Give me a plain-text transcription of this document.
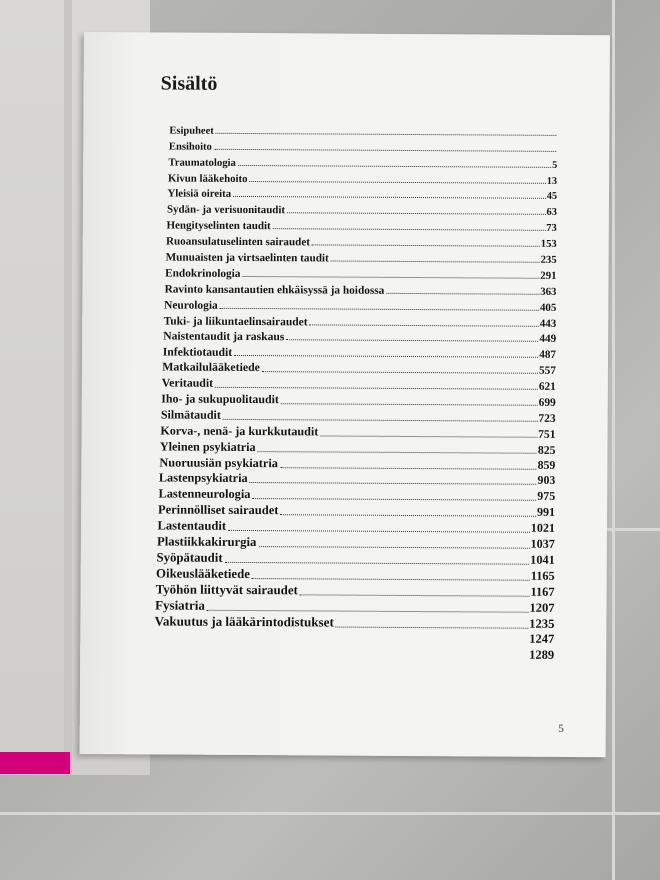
Sisältö
Esipuheet
Ensihoito
Traumatologia	5
Kivun lääkehoito	13
Yleisiä oireita	45
Sydän- ja verisuonitaudit	63
Hengityselinten taudit	73
Ruoansulatuselinten sairaudet	153
Munuaisten ja virtsaelinten taudit	235
Endokrinologia	291
Ravinto kansantautien ehkäisyssä ja hoidossa	363
Neurologia	405
Tuki- ja liikuntaelinsairaudet	443
Naistentaudit ja raskaus	449
Infektiotaudit	487
Matkailulääketiede	557
Veritaudit	621
Iho- ja sukupuolitaudit	699
Silmätaudit	723
Korva-, nenä- ja kurkkutaudit	751
Yleinen psykiatria	825
Nuoruusiän psykiatria	859
Lastenpsykiatria	903
Lastenneurologia	975
Perinnölliset sairaudet	991
Lastentaudit	1021
Plastiikkakirurgia	1037
Syöpätaudit	1041
Oikeuslääketiede	1165
Työhön liittyvät sairaudet	1167
Fysiatria	1207
Vakuutus ja lääkärintodistukset	1235
1247
1289
5
